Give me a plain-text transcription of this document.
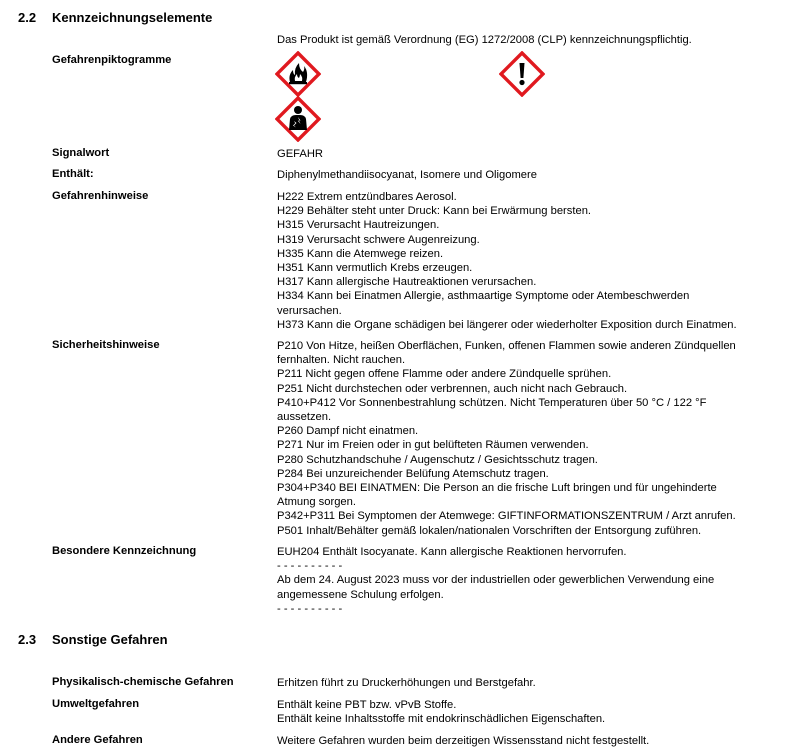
2.2 Kennzeichnungselemente
Das Produkt ist gemäß Verordnung (EG) 1272/2008 (CLP) kennzeichnungspflichtig.
Gefahrenpiktogramme
Signalwort	GEFAHR
Enthält:	Diphenylmethandiisocyanat, Isomere und Oligomere
Gefahrenhinweise	H222 Extrem entzündbares Aerosol.
H229 Behälter steht unter Druck: Kann bei Erwärmung bersten.
H315 Verursacht Hautreizungen.
H319 Verursacht schwere Augenreizung.
H335 Kann die Atemwege reizen.
H351 Kann vermutlich Krebs erzeugen.
H317 Kann allergische Hautreaktionen verursachen.
H334 Kann bei Einatmen Allergie, asthmaartige Symptome oder Atembeschwerden
verursachen.
H373 Kann die Organe schädigen bei längerer oder wiederholter Exposition durch Einatmen.
Sicherheitshinweise	P210 Von Hitze, heißen Oberflächen, Funken, offenen Flammen sowie anderen Zündquellen
fernhalten. Nicht rauchen.
P211 Nicht gegen offene Flamme oder andere Zündquelle sprühen.
P251 Nicht durchstechen oder verbrennen, auch nicht nach Gebrauch.
P410+P412 Vor Sonnenbestrahlung schützen. Nicht Temperaturen über 50 °C / 122 °F
aussetzen.
P260 Dampf nicht einatmen.
P271 Nur im Freien oder in gut belüfteten Räumen verwenden.
P280 Schutzhandschuhe / Augenschutz / Gesichtsschutz tragen.
P284 Bei unzureichender Belüfung Atemschutz tragen.
P304+P340 BEI EINATMEN: Die Person an die frische Luft bringen und für ungehinderte
Atmung sorgen.
P342+P311 Bei Symptomen der Atemwege: GIFTINFORMATIONSZENTRUM / Arzt anrufen.
P501 Inhalt/Behälter gemäß lokalen/nationalen Vorschriften der Entsorgung zuführen.
Besondere Kennzeichnung	EUH204 Enthält Isocyanate. Kann allergische Reaktionen hervorrufen.
- - - - - - - - - -
Ab dem 24. August 2023 muss vor der industriellen oder gewerblichen Verwendung eine
angemessene Schulung erfolgen.
- - - - - - - - - -
2.3 Sonstige Gefahren
Physikalisch-chemische Gefahren	Erhitzen führt zu Druckerhöhungen und Berstgefahr.
Umweltgefahren	Enthält keine PBT bzw. vPvB Stoffe.
Enthält keine Inhaltsstoffe mit endokrinschädlichen Eigenschaften.
Andere Gefahren	Weitere Gefahren wurden beim derzeitigen Wissensstand nicht festgestellt.
